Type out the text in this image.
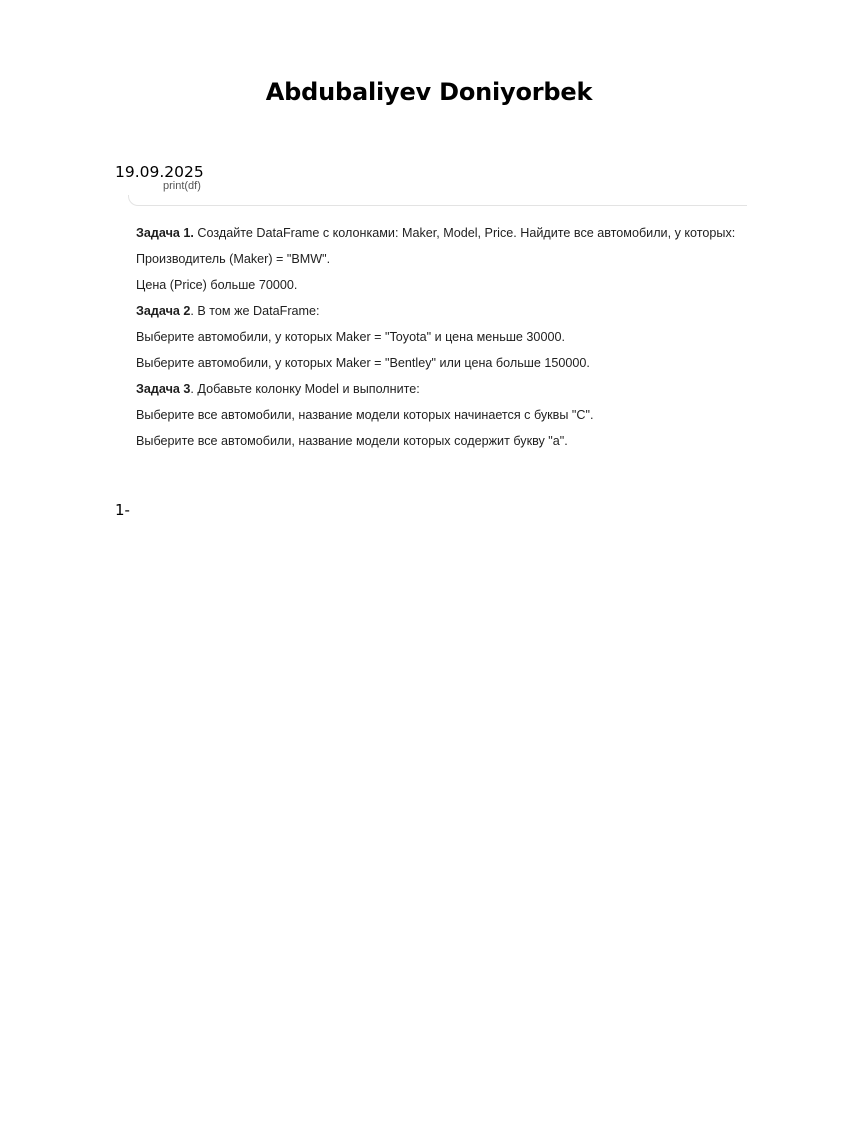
Abdubaliyev Doniyorbek
19.09.2025
print(df)
Задача 1. Создайте DataFrame с колонками: Maker, Model, Price. Найдите все автомобили, у которых:
Производитель (Maker) = "BMW".
Цена (Price) больше 70000.
Задача 2. В том же DataFrame:
Выберите автомобили, у которых Maker = "Toyota" и цена меньше 30000.
Выберите автомобили, у которых Maker = "Bentley" или цена больше 150000.
Задача 3. Добавьте колонку Model и выполните:
Выберите все автомобили, название модели которых начинается с буквы "C".
Выберите все автомобили, название модели которых содержит букву "a".
1-
